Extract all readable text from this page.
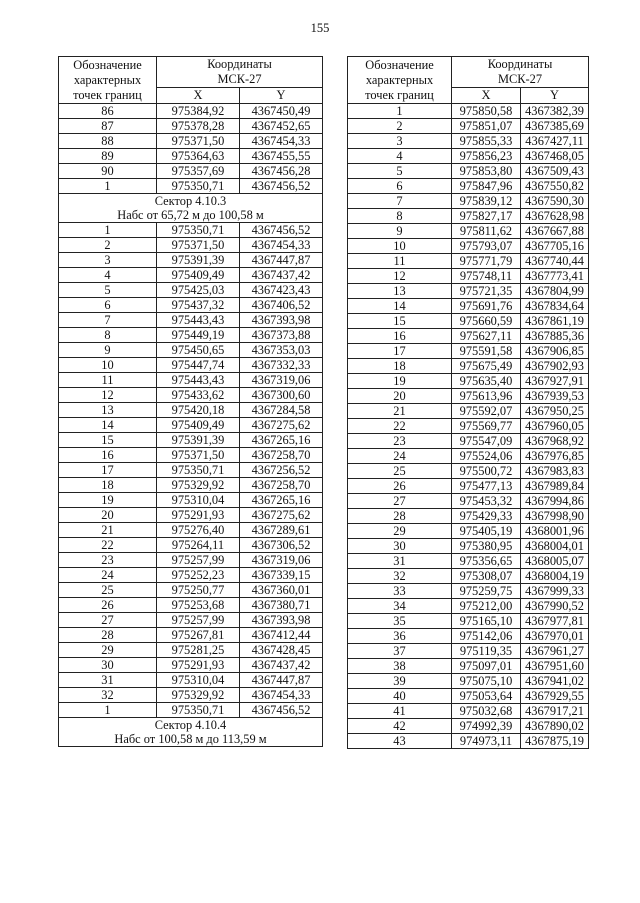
155
Обозначение
характерных
точек границ	Координаты
МСК-27	
	X	Y
86	975384,92	4367450,49
87	975378,28	4367452,65
88	975371,50	4367454,33
89	975364,63	4367455,55
90	975357,69	4367456,28
1	975350,71	4367456,52
Сектор 4.10.3
Набс от 65,72 м до 100,58 м		
1	975350,71	4367456,52
2	975371,50	4367454,33
3	975391,39	4367447,87
4	975409,49	4367437,42
5	975425,03	4367423,43
6	975437,32	4367406,52
7	975443,43	4367393,98
8	975449,19	4367373,88
9	975450,65	4367353,03
10	975447,74	4367332,33
11	975443,43	4367319,06
12	975433,62	4367300,60
13	975420,18	4367284,58
14	975409,49	4367275,62
15	975391,39	4367265,16
16	975371,50	4367258,70
17	975350,71	4367256,52
18	975329,92	4367258,70
19	975310,04	4367265,16
20	975291,93	4367275,62
21	975276,40	4367289,61
22	975264,11	4367306,52
23	975257,99	4367319,06
24	975252,23	4367339,15
25	975250,77	4367360,01
26	975253,68	4367380,71
27	975257,99	4367393,98
28	975267,81	4367412,44
29	975281,25	4367428,45
30	975291,93	4367437,42
31	975310,04	4367447,87
32	975329,92	4367454,33
1	975350,71	4367456,52
Сектор 4.10.4
Набс от 100,58 м до 113,59 м		
Обозначение
характерных
точек границ	Координаты
МСК-27	
	X	Y
1	975850,58	4367382,39
2	975851,07	4367385,69
3	975855,33	4367427,11
4	975856,23	4367468,05
5	975853,80	4367509,43
6	975847,96	4367550,82
7	975839,12	4367590,30
8	975827,17	4367628,98
9	975811,62	4367667,88
10	975793,07	4367705,16
11	975771,79	4367740,44
12	975748,11	4367773,41
13	975721,35	4367804,99
14	975691,76	4367834,64
15	975660,59	4367861,19
16	975627,11	4367885,36
17	975591,58	4367906,85
18	975675,49	4367902,93
19	975635,40	4367927,91
20	975613,96	4367939,53
21	975592,07	4367950,25
22	975569,77	4367960,05
23	975547,09	4367968,92
24	975524,06	4367976,85
25	975500,72	4367983,83
26	975477,13	4367989,84
27	975453,32	4367994,86
28	975429,33	4367998,90
29	975405,19	4368001,96
30	975380,95	4368004,01
31	975356,65	4368005,07
32	975308,07	4368004,19
33	975259,75	4367999,33
34	975212,00	4367990,52
35	975165,10	4367977,81
36	975142,06	4367970,01
37	975119,35	4367961,27
38	975097,01	4367951,60
39	975075,10	4367941,02
40	975053,64	4367929,55
41	975032,68	4367917,21
42	974992,39	4367890,02
43	974973,11	4367875,19
